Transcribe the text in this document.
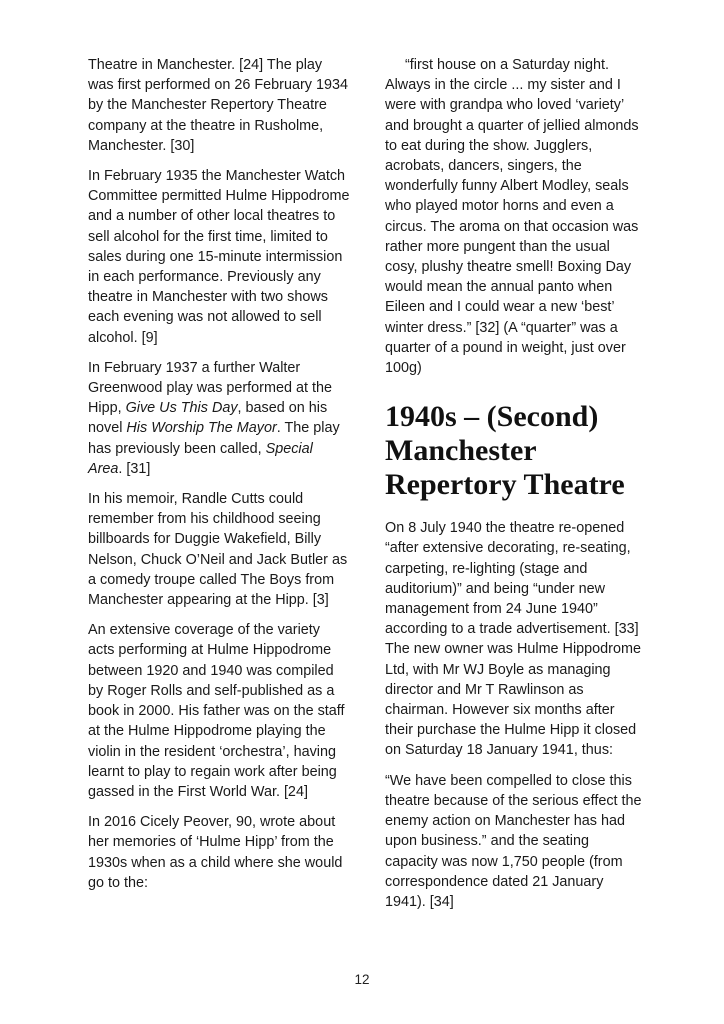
Theatre in Manchester. [24] The play was first performed on 26 February 1934 by the Manchester Repertory Theatre company at the theatre in Rusholme, Manchester. [30]

In February 1935 the Manchester Watch Committee permitted Hulme Hippodrome and a number of other local theatres to sell alcohol for the first time, limited to sales during one 15-minute intermission in each performance. Previously any theatre in Manchester with two shows each evening was not allowed to sell alcohol. [9]

In February 1937 a further Walter Greenwood play was performed at the Hipp, Give Us This Day, based on his novel His Worship The Mayor. The play has previously been called, Special Area. [31]

In his memoir, Randle Cutts could remember from his childhood seeing billboards for Duggie Wakefield, Billy Nelson, Chuck O’Neil and Jack Butler as a comedy troupe called The Boys from Manchester appearing at the Hipp. [3]

An extensive coverage of the variety acts performing at Hulme Hippodrome between 1920 and 1940 was compiled by Roger Rolls and self-published as a book in 2000. His father was on the staff at the Hulme Hippodrome playing the violin in the resident ‘orchestra’, having learnt to play to regain work after being gassed in the First World War. [24]

In 2016 Cicely Peover, 90, wrote about her memories of ‘Hulme Hipp’ from the 1930s when as a child where she would go to the:

“first house on a Saturday night. Always in the circle ... my sister and I were with grandpa who loved ‘variety’ and brought a quarter of jellied almonds to eat during the show. Jugglers, acrobats, dancers, singers, the wonderfully funny Albert Modley, seals who played motor horns and even a circus. The aroma on that occasion was rather more pungent than the usual cosy, plushy theatre smell! Boxing Day would mean the annual panto when Eileen and I could wear a new ‘best’ winter dress.” [32] (A “quarter” was a quarter of a pound in weight, just over 100g)

1940s – (Second) Manchester Repertory Theatre

On 8 July 1940 the theatre re-opened “after extensive decorating, re-seating, carpeting, re-lighting (stage and auditorium)” and being “under new management from 24 June 1940” according to a trade advertisement. [33] The new owner was Hulme Hippodrome Ltd, with Mr WJ Boyle as managing director and Mr T Rawlinson as chairman. However six months after their purchase the Hulme Hipp it closed on Saturday 18 January 1941, thus:

“We have been compelled to close this theatre because of the serious effect the enemy action on Manchester has had upon business.” and the seating capacity was now 1,750 people (from correspondence dated 21 January 1941). [34]

12
